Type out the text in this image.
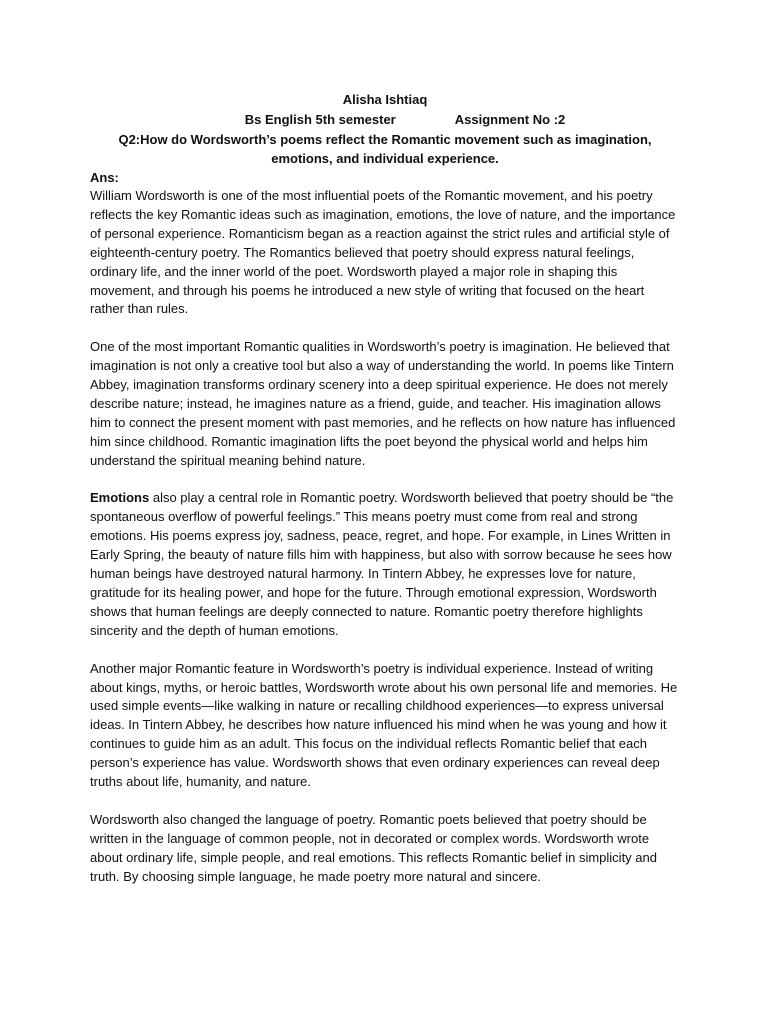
Alisha Ishtiaq
Bs English 5th semester	Assignment No :2
Q2:How do Wordsworth’s poems reflect the Romantic movement such as imagination, emotions, and individual experience.
Ans:

William Wordsworth is one of the most influential poets of the Romantic movement, and his poetry reflects the key Romantic ideas such as imagination, emotions, the love of nature, and the importance of personal experience. Romanticism began as a reaction against the strict rules and artificial style of eighteenth-century poetry. The Romantics believed that poetry should express natural feelings, ordinary life, and the inner world of the poet. Wordsworth played a major role in shaping this movement, and through his poems he introduced a new style of writing that focused on the heart rather than rules.

One of the most important Romantic qualities in Wordsworth’s poetry is imagination. He believed that imagination is not only a creative tool but also a way of understanding the world. In poems like Tintern Abbey, imagination transforms ordinary scenery into a deep spiritual experience. He does not merely describe nature; instead, he imagines nature as a friend, guide, and teacher. His imagination allows him to connect the present moment with past memories, and he reflects on how nature has influenced him since childhood. Romantic imagination lifts the poet beyond the physical world and helps him understand the spiritual meaning behind nature.

Emotions also play a central role in Romantic poetry. Wordsworth believed that poetry should be “the spontaneous overflow of powerful feelings.” This means poetry must come from real and strong emotions. His poems express joy, sadness, peace, regret, and hope. For example, in Lines Written in Early Spring, the beauty of nature fills him with happiness, but also with sorrow because he sees how human beings have destroyed natural harmony. In Tintern Abbey, he expresses love for nature, gratitude for its healing power, and hope for the future. Through emotional expression, Wordsworth shows that human feelings are deeply connected to nature. Romantic poetry therefore highlights sincerity and the depth of human emotions.

Another major Romantic feature in Wordsworth’s poetry is individual experience. Instead of writing about kings, myths, or heroic battles, Wordsworth wrote about his own personal life and memories. He used simple events—like walking in nature or recalling childhood experiences—to express universal ideas. In Tintern Abbey, he describes how nature influenced his mind when he was young and how it continues to guide him as an adult. This focus on the individual reflects Romantic belief that each person’s experience has value. Wordsworth shows that even ordinary experiences can reveal deep truths about life, humanity, and nature.

Wordsworth also changed the language of poetry. Romantic poets believed that poetry should be written in the language of common people, not in decorated or complex words. Wordsworth wrote about ordinary life, simple people, and real emotions. This reflects Romantic belief in simplicity and truth. By choosing simple language, he made poetry more natural and sincere.
